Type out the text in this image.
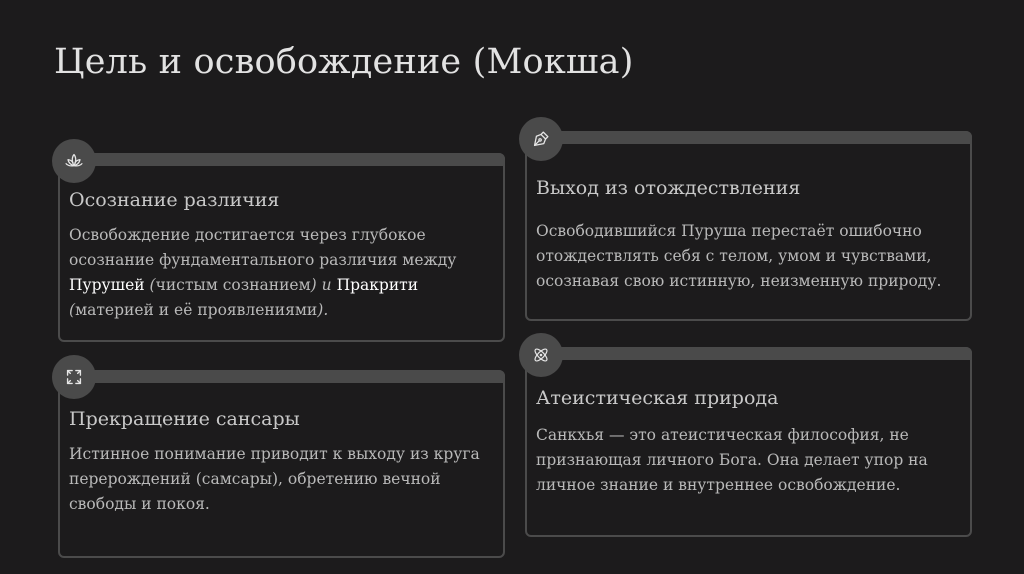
Цель и освобождение (Мокша)
Осознание различия
Освобождение достигается через глубокое осознание фундаментального различия между Пурушей (чистым сознанием) и Пракрити (материей и её проявлениями).
Выход из отождествления
Освободившийся Пуруша перестаёт ошибочно отождествлять себя с телом, умом и чувствами, осознавая свою истинную, неизменную природу.
Прекращение сансары
Истинное понимание приводит к выходу из круга перерождений (самсары), обретению вечной свободы и покоя.
Атеистическая природа
Санкхья — это атеистическая философия, не признающая личного Бога. Она делает упор на личное знание и внутреннее освобождение.
